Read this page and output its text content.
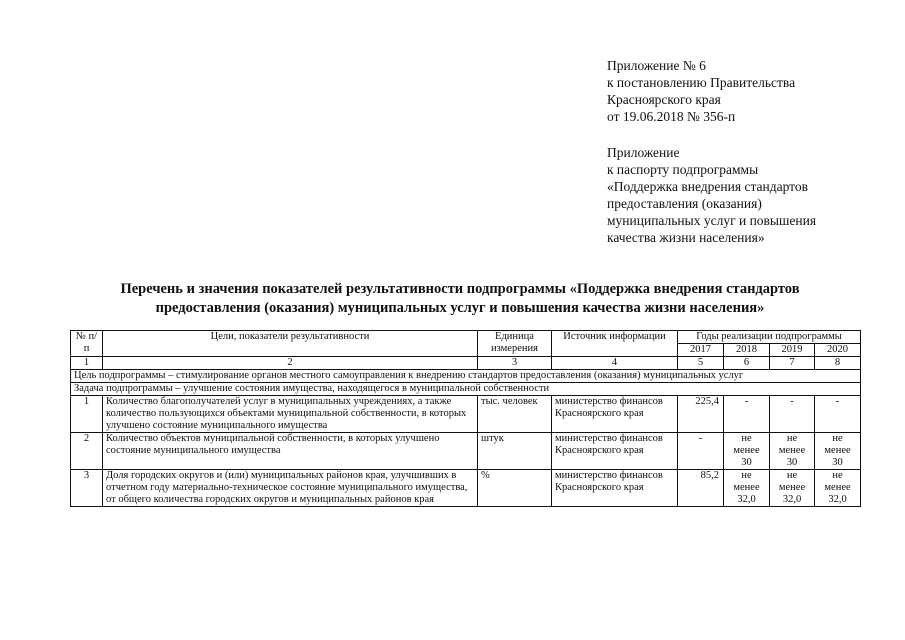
Приложение № 6
к постановлению Правительства
Красноярского края
от 19.06.2018 № 356-п
Приложение
к паспорту подпрограммы
«Поддержка внедрения стандартов
предоставления (оказания)
муниципальных услуг и повышения
качества жизни населения»
Перечень и значения показателей результативности подпрограммы «Поддержка внедрения стандартов
предоставления (оказания) муниципальных услуг и повышения качества жизни населения»
№ п/п	Цели, показатели результативности	Единица измерения	Источник информации	Годы реализации подпрограммы			
				2017	2018	2019	2020
1	2	3	4	5	6	7	8
Цель подпрограммы – стимулирование органов местного самоуправления к внедрению стандартов предоставления (оказания) муниципальных услуг							
Задача подпрограммы – улучшение состояния имущества, находящегося в муниципальной собственности							
1	Количество благополучателей услуг в муниципальных учреждениях, а также количество пользующихся объектами муниципальной собственности, в которых улучшено состояние муниципального имущества	тыс. человек	министерство финансов Красноярского края	225,4	-	-	-
2	Количество объектов муниципальной собственности, в которых улучшено состояние муниципального имущества	штук	министерство финансов Красноярского края	-	не менее 30	не менее 30	не менее 30
3	Доля городских округов и (или) муниципальных районов края, улучшивших в отчетном году материально-техническое состояние муниципального имущества, от общего количества городских округов и муниципальных районов края	%	министерство финансов Красноярского края	85,2	не менее 32,0	не менее 32,0	не менее 32,0
